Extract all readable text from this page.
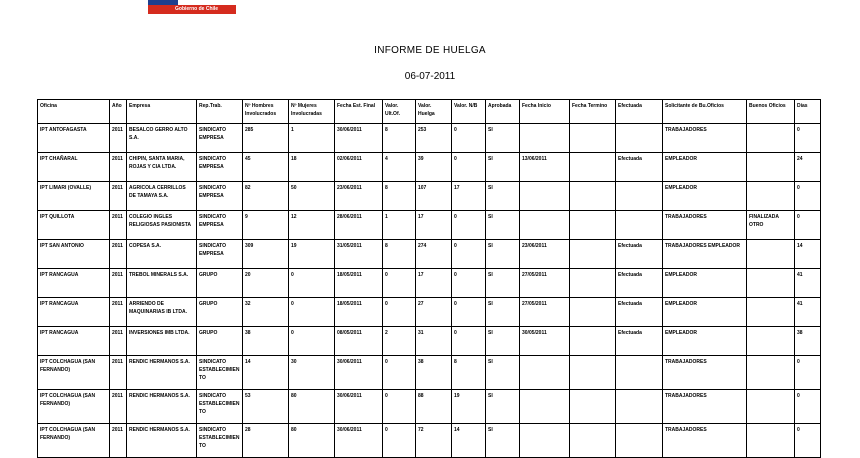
Gobierno de Chile
INFORME DE HUELGA
06-07-2011
Oficina	Año	Empresa	Rep.Trab.	Nº Hombres Involucrados	Nº Mujeres Involucradas	Fecha Est. Final	Valor. Ult.Of.	Valor. Huelga	Valor. N/B	Aprobada	Fecha Inicio	Fecha Termino	Efectuada	Solicitante de Bu.Oficios	Buenos Oficios	Días
IPT ANTOFAGASTA	2011	BESALCO GERRO ALTO S.A.	SINDICATO EMPRESA	285	1	30/06/2011	8	253	0	SI				TRABAJADORES		0
IPT CHAÑARAL	2011	CHIPIN, SANTA MARIA, ROJAS Y CIA LTDA.	SINDICATO EMPRESA	45	18	02/06/2011	4	39	0	SI	13/06/2011		Efectuada	EMPLEADOR		24
IPT LIMARI (OVALLE)	2011	AGRICOLA CERRILLOS DE TAMAYA S.A.	SINDICATO EMPRESA	82	50	23/06/2011	8	107	17	SI				EMPLEADOR		0
IPT QUILLOTA	2011	COLEGIO INGLES RELIGIOSAS PASIONISTA	SINDICATO EMPRESA	9	12	28/06/2011	1	17	0	SI				TRABAJADORES	FINALIZADA OTRO	0
IPT SAN ANTONIO	2011	COPESA S.A.	SINDICATO EMPRESA	309	19	31/05/2011	8	274	0	SI	23/06/2011		Efectuada	TRABAJADORES EMPLEADOR		14
IPT RANCAGUA	2011	TREBOL MINERALS S.A.	GRUPO	20	0	18/05/2011	0	17	0	SI	27/05/2011		Efectuada	EMPLEADOR		41
IPT RANCAGUA	2011	ARRIENDO DE MAQUINARIAS IB LTDA.	GRUPO	32	0	18/05/2011	0	27	0	SI	27/05/2011		Efectuada	EMPLEADOR		41
IPT RANCAGUA	2011	INVERSIONES IMB LTDA.	GRUPO	38	0	08/05/2011	2	31	0	SI	30/05/2011		Efectuada	EMPLEADOR		38
IPT COLCHAGUA (SAN FERNANDO)	2011	RENDIC HERMANOS S.A.	SINDICATO ESTABLECIMIENTO	14	30	30/06/2011	0	38	8	SI				TRABAJADORES		0
IPT COLCHAGUA (SAN FERNANDO)	2011	RENDIC HERMANOS S.A.	SINDICATO ESTABLECIMIENTO	53	80	30/06/2011	0	88	19	SI				TRABAJADORES		0
IPT COLCHAGUA (SAN FERNANDO)	2011	RENDIC HERMANOS S.A.	SINDICATO ESTABLECIMIENTO	28	80	30/06/2011	0	72	14	SI				TRABAJADORES		0
